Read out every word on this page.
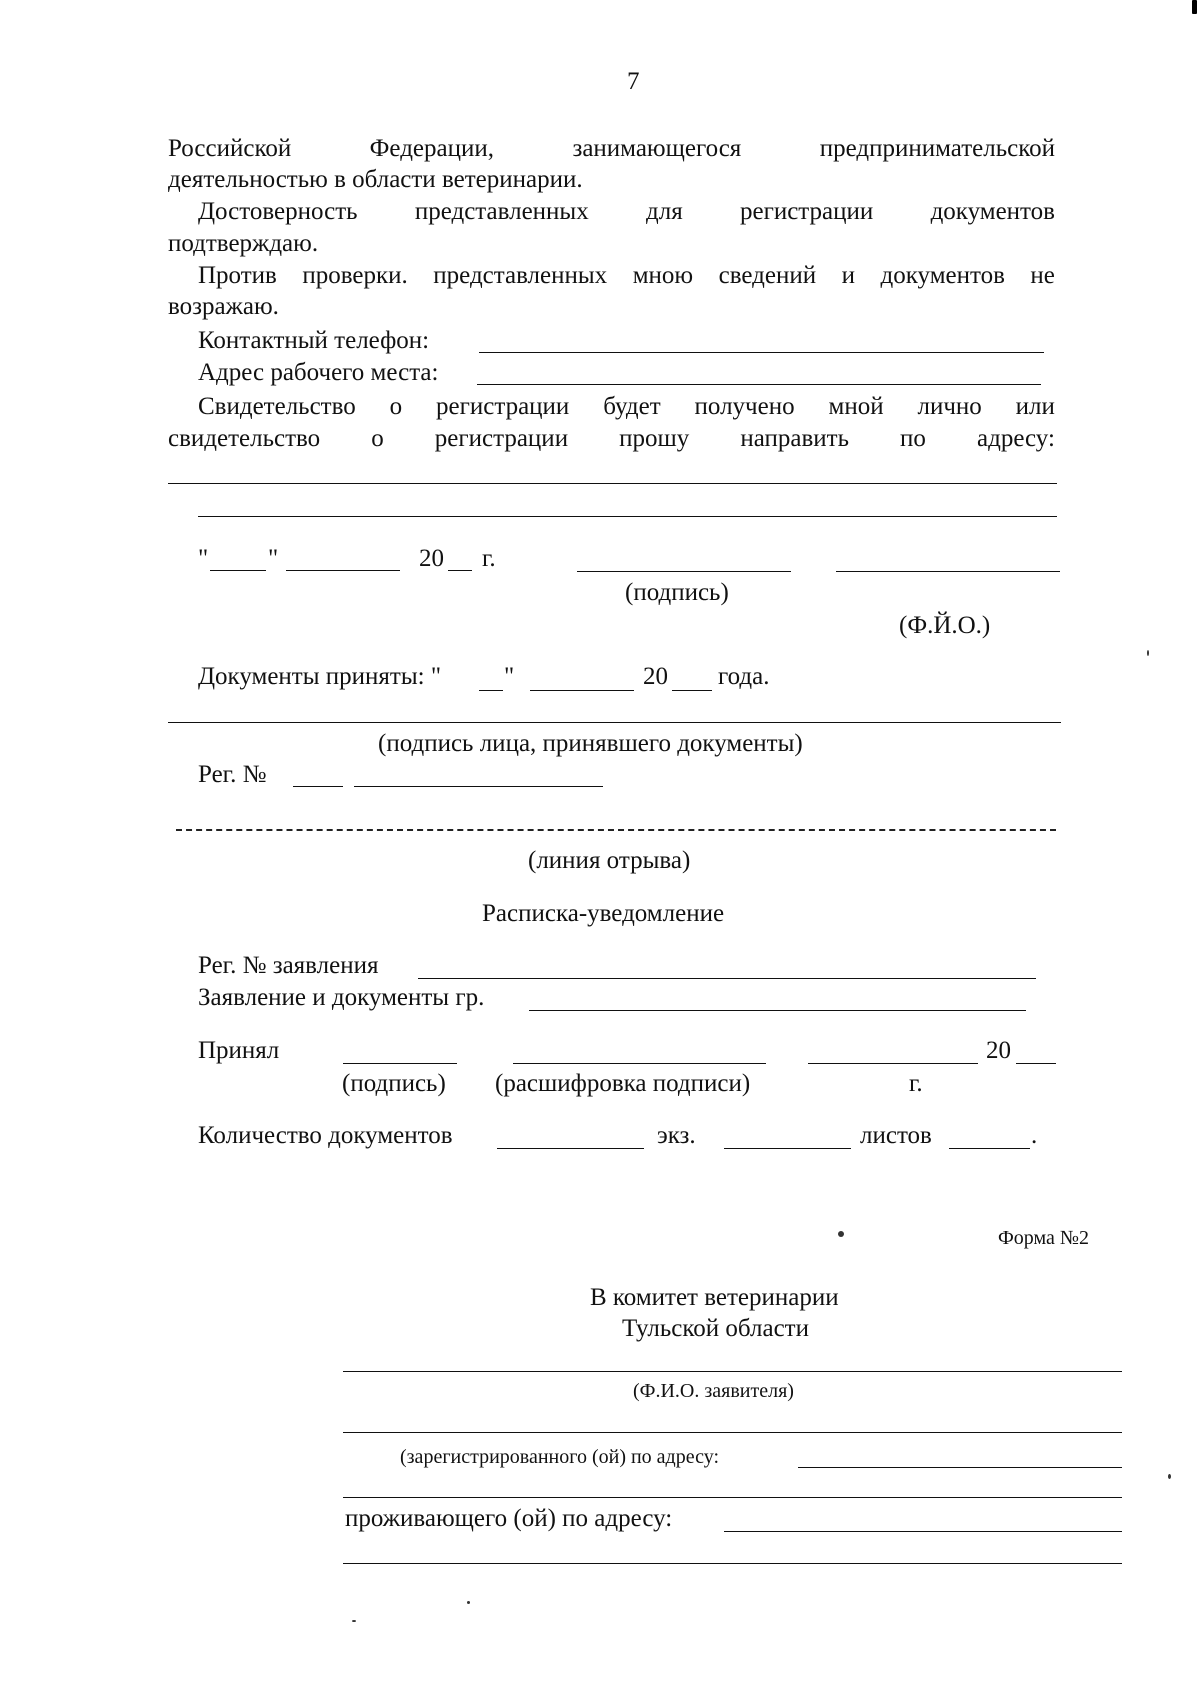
7
Российской	Федерации,	занимающегося	предпринимательской
деятельностью в области ветеринарии.
Достоверность представленных для регистрации документов
подтверждаю.
Против проверки. представленных мною сведений и документов не
возражаю.
Контактный телефон:
Адрес рабочего места:
Свидетельство о регистрации будет получено мной лично или
свидетельство о регистрации прошу направить по адресу:
" "	20 г.
(подпись)
(Ф.Й.О.)
Документы приняты: "	"	20 года.
(подпись лица, принявшего документы)
Рег. №
(линия отрыва)
Расписка-уведомление
Рег. № заявления
Заявление и документы гр.
Принял	20
(подпись) (расшифровка подписи)	г.
Количество документов	экз.	листов	.
Форма №2
В комитет ветеринарии
Тульской области
(Ф.И.О. заявителя)
(зарегистрированного (ой) по адресу:
проживающего (ой) по адресу:
